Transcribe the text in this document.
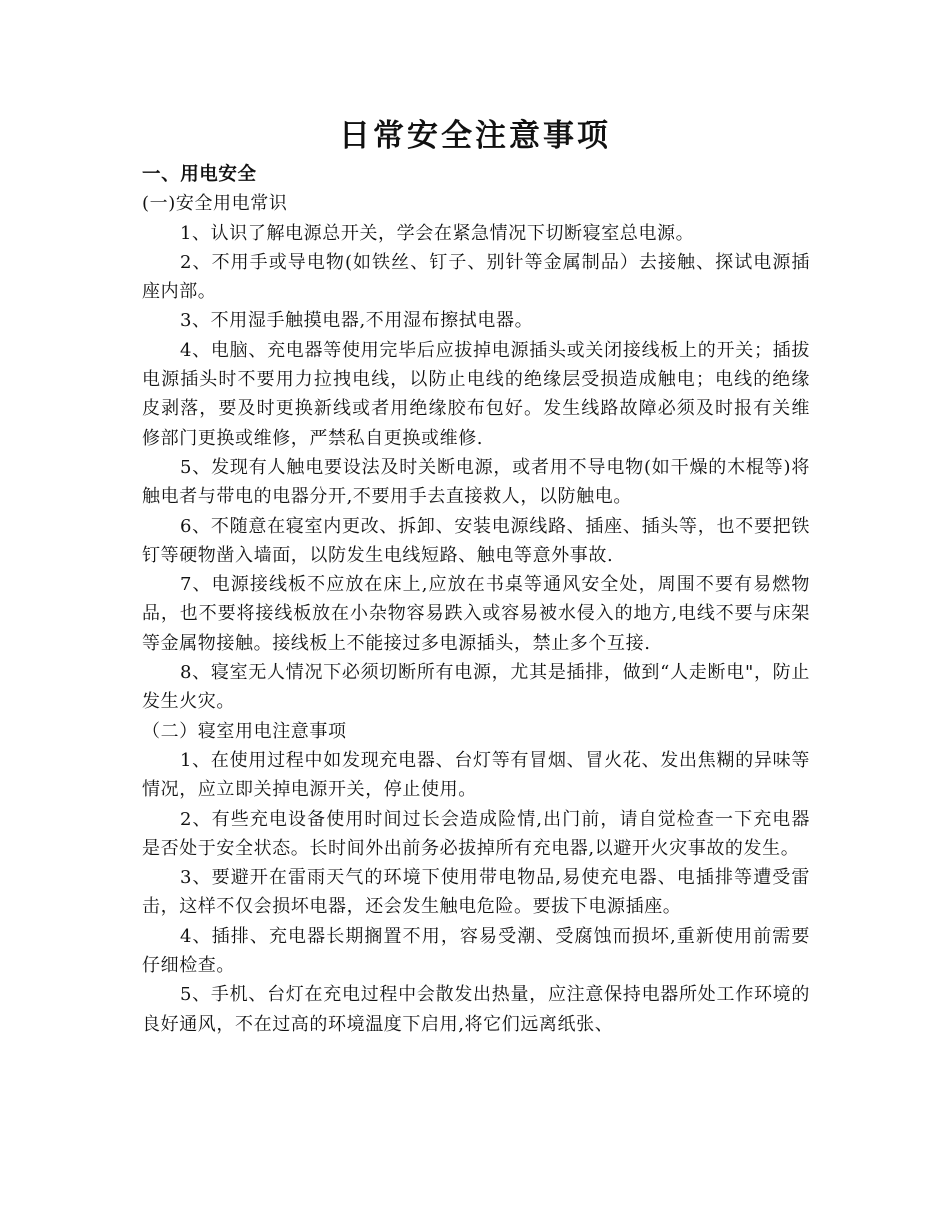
日常安全注意事项

一、用电安全

(一)安全用电常识

1、认识了解电源总开关，学会在紧急情况下切断寝室总电源。

2、不用手或导电物(如铁丝、钉子、别针等金属制品）去接触、探试电源插座内部。

3、不用湿手触摸电器,不用湿布擦拭电器。

4、电脑、充电器等使用完毕后应拔掉电源插头或关闭接线板上的开关；插拔电源插头时不要用力拉拽电线，以防止电线的绝缘层受损造成触电；电线的绝缘皮剥落，要及时更换新线或者用绝缘胶布包好。发生线路故障必须及时报有关维修部门更换或维修，严禁私自更换或维修.

5、发现有人触电要设法及时关断电源，或者用不导电物(如干燥的木棍等)将触电者与带电的电器分开,不要用手去直接救人，以防触电。

6、不随意在寝室内更改、拆卸、安装电源线路、插座、插头等，也不要把铁钉等硬物凿入墙面，以防发生电线短路、触电等意外事故.

7、电源接线板不应放在床上,应放在书桌等通风安全处，周围不要有易燃物品，也不要将接线板放在小杂物容易跌入或容易被水侵入的地方,电线不要与床架等金属物接触。接线板上不能接过多电源插头，禁止多个互接.

8、寝室无人情况下必须切断所有电源，尤其是插排，做到“人走断电"，防止发生火灾。

（二）寝室用电注意事项

1、在使用过程中如发现充电器、台灯等有冒烟、冒火花、发出焦糊的异味等情况，应立即关掉电源开关，停止使用。

2、有些充电设备使用时间过长会造成险情,出门前，请自觉检查一下充电器是否处于安全状态。长时间外出前务必拔掉所有充电器,以避开火灾事故的发生。

3、要避开在雷雨天气的环境下使用带电物品,易使充电器、电插排等遭受雷击，这样不仅会损坏电器，还会发生触电危险。要拔下电源插座。

4、插排、充电器长期搁置不用，容易受潮、受腐蚀而损坏,重新使用前需要仔细检查。

5、手机、台灯在充电过程中会散发出热量，应注意保持电器所处工作环境的良好通风，不在过高的环境温度下启用,将它们远离纸张、
